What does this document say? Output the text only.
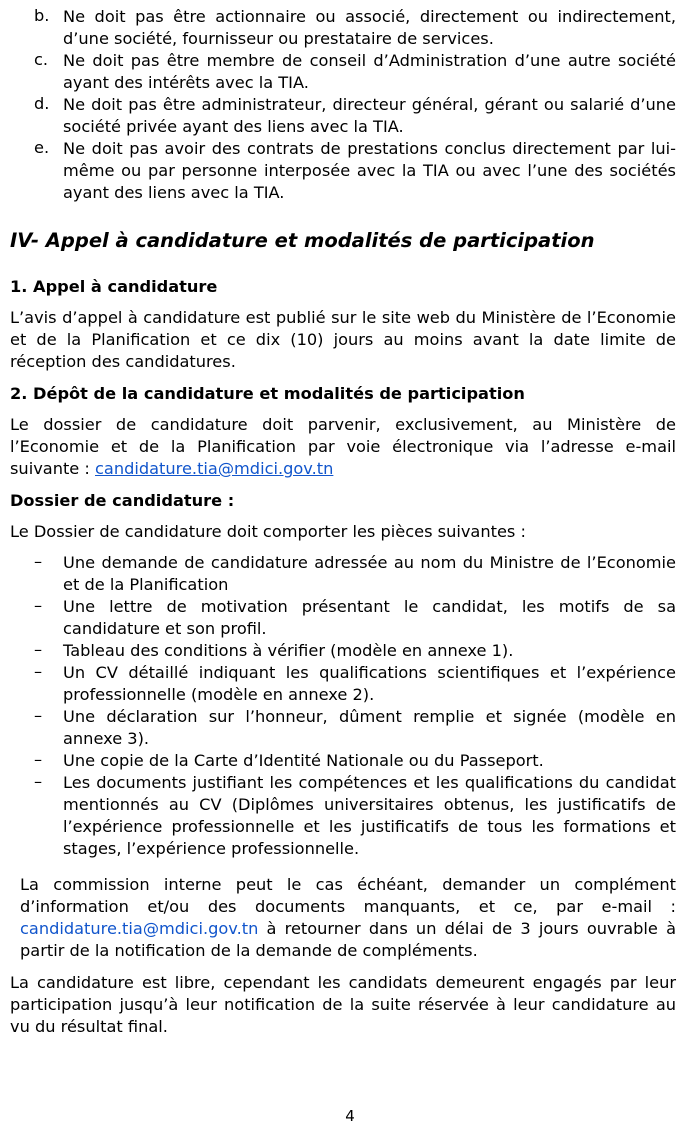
b. Ne doit pas être actionnaire ou associé, directement ou indirectement, d’une société, fournisseur ou prestataire de services.

c. Ne doit pas être membre de conseil d’Administration d’une autre société ayant des intérêts avec la TIA.

d. Ne doit pas être administrateur, directeur général, gérant ou salarié d’une société privée ayant des liens avec la TIA.

e. Ne doit pas avoir des contrats de prestations conclus directement par lui-même ou par personne interposée avec la TIA ou avec l’une des sociétés ayant des liens avec la TIA.

IV- Appel à candidature et modalités de participation

1. Appel à candidature

L’avis d’appel à candidature est publié sur le site web du Ministère de l’Economie et de la Planification et ce dix (10) jours au moins avant la date limite de réception des candidatures.

2. Dépôt de la candidature et modalités de participation

Le dossier de candidature doit parvenir, exclusivement, au Ministère de l’Economie et de la Planification par voie électronique via l’adresse e-mail suivante : candidature.tia@mdici.gov.tn

Dossier de candidature :

Le Dossier de candidature doit comporter les pièces suivantes :

– Une demande de candidature adressée au nom du Ministre de l’Economie et de la Planification

– Une lettre de motivation présentant le candidat, les motifs de sa candidature et son profil.

– Tableau des conditions à vérifier (modèle en annexe 1).

– Un CV détaillé indiquant les qualifications scientifiques et l’expérience professionnelle (modèle en annexe 2).

– Une déclaration sur l’honneur, dûment remplie et signée (modèle en annexe 3).

– Une copie de la Carte d’Identité Nationale ou du Passeport.

– Les documents justifiant les compétences et les qualifications du candidat mentionnés au CV (Diplômes universitaires obtenus, les justificatifs de l’expérience professionnelle et les justificatifs de tous les formations et stages, l’expérience professionnelle.

La commission interne peut le cas échéant, demander un complément d’information et/ou des documents manquants, et ce, par e-mail : candidature.tia@mdici.gov.tn à retourner dans un délai de 3 jours ouvrable à partir de la notification de la demande de compléments.

La candidature est libre, cependant les candidats demeurent engagés par leur participation jusqu’à leur notification de la suite réservée à leur candidature au vu du résultat final.

4
